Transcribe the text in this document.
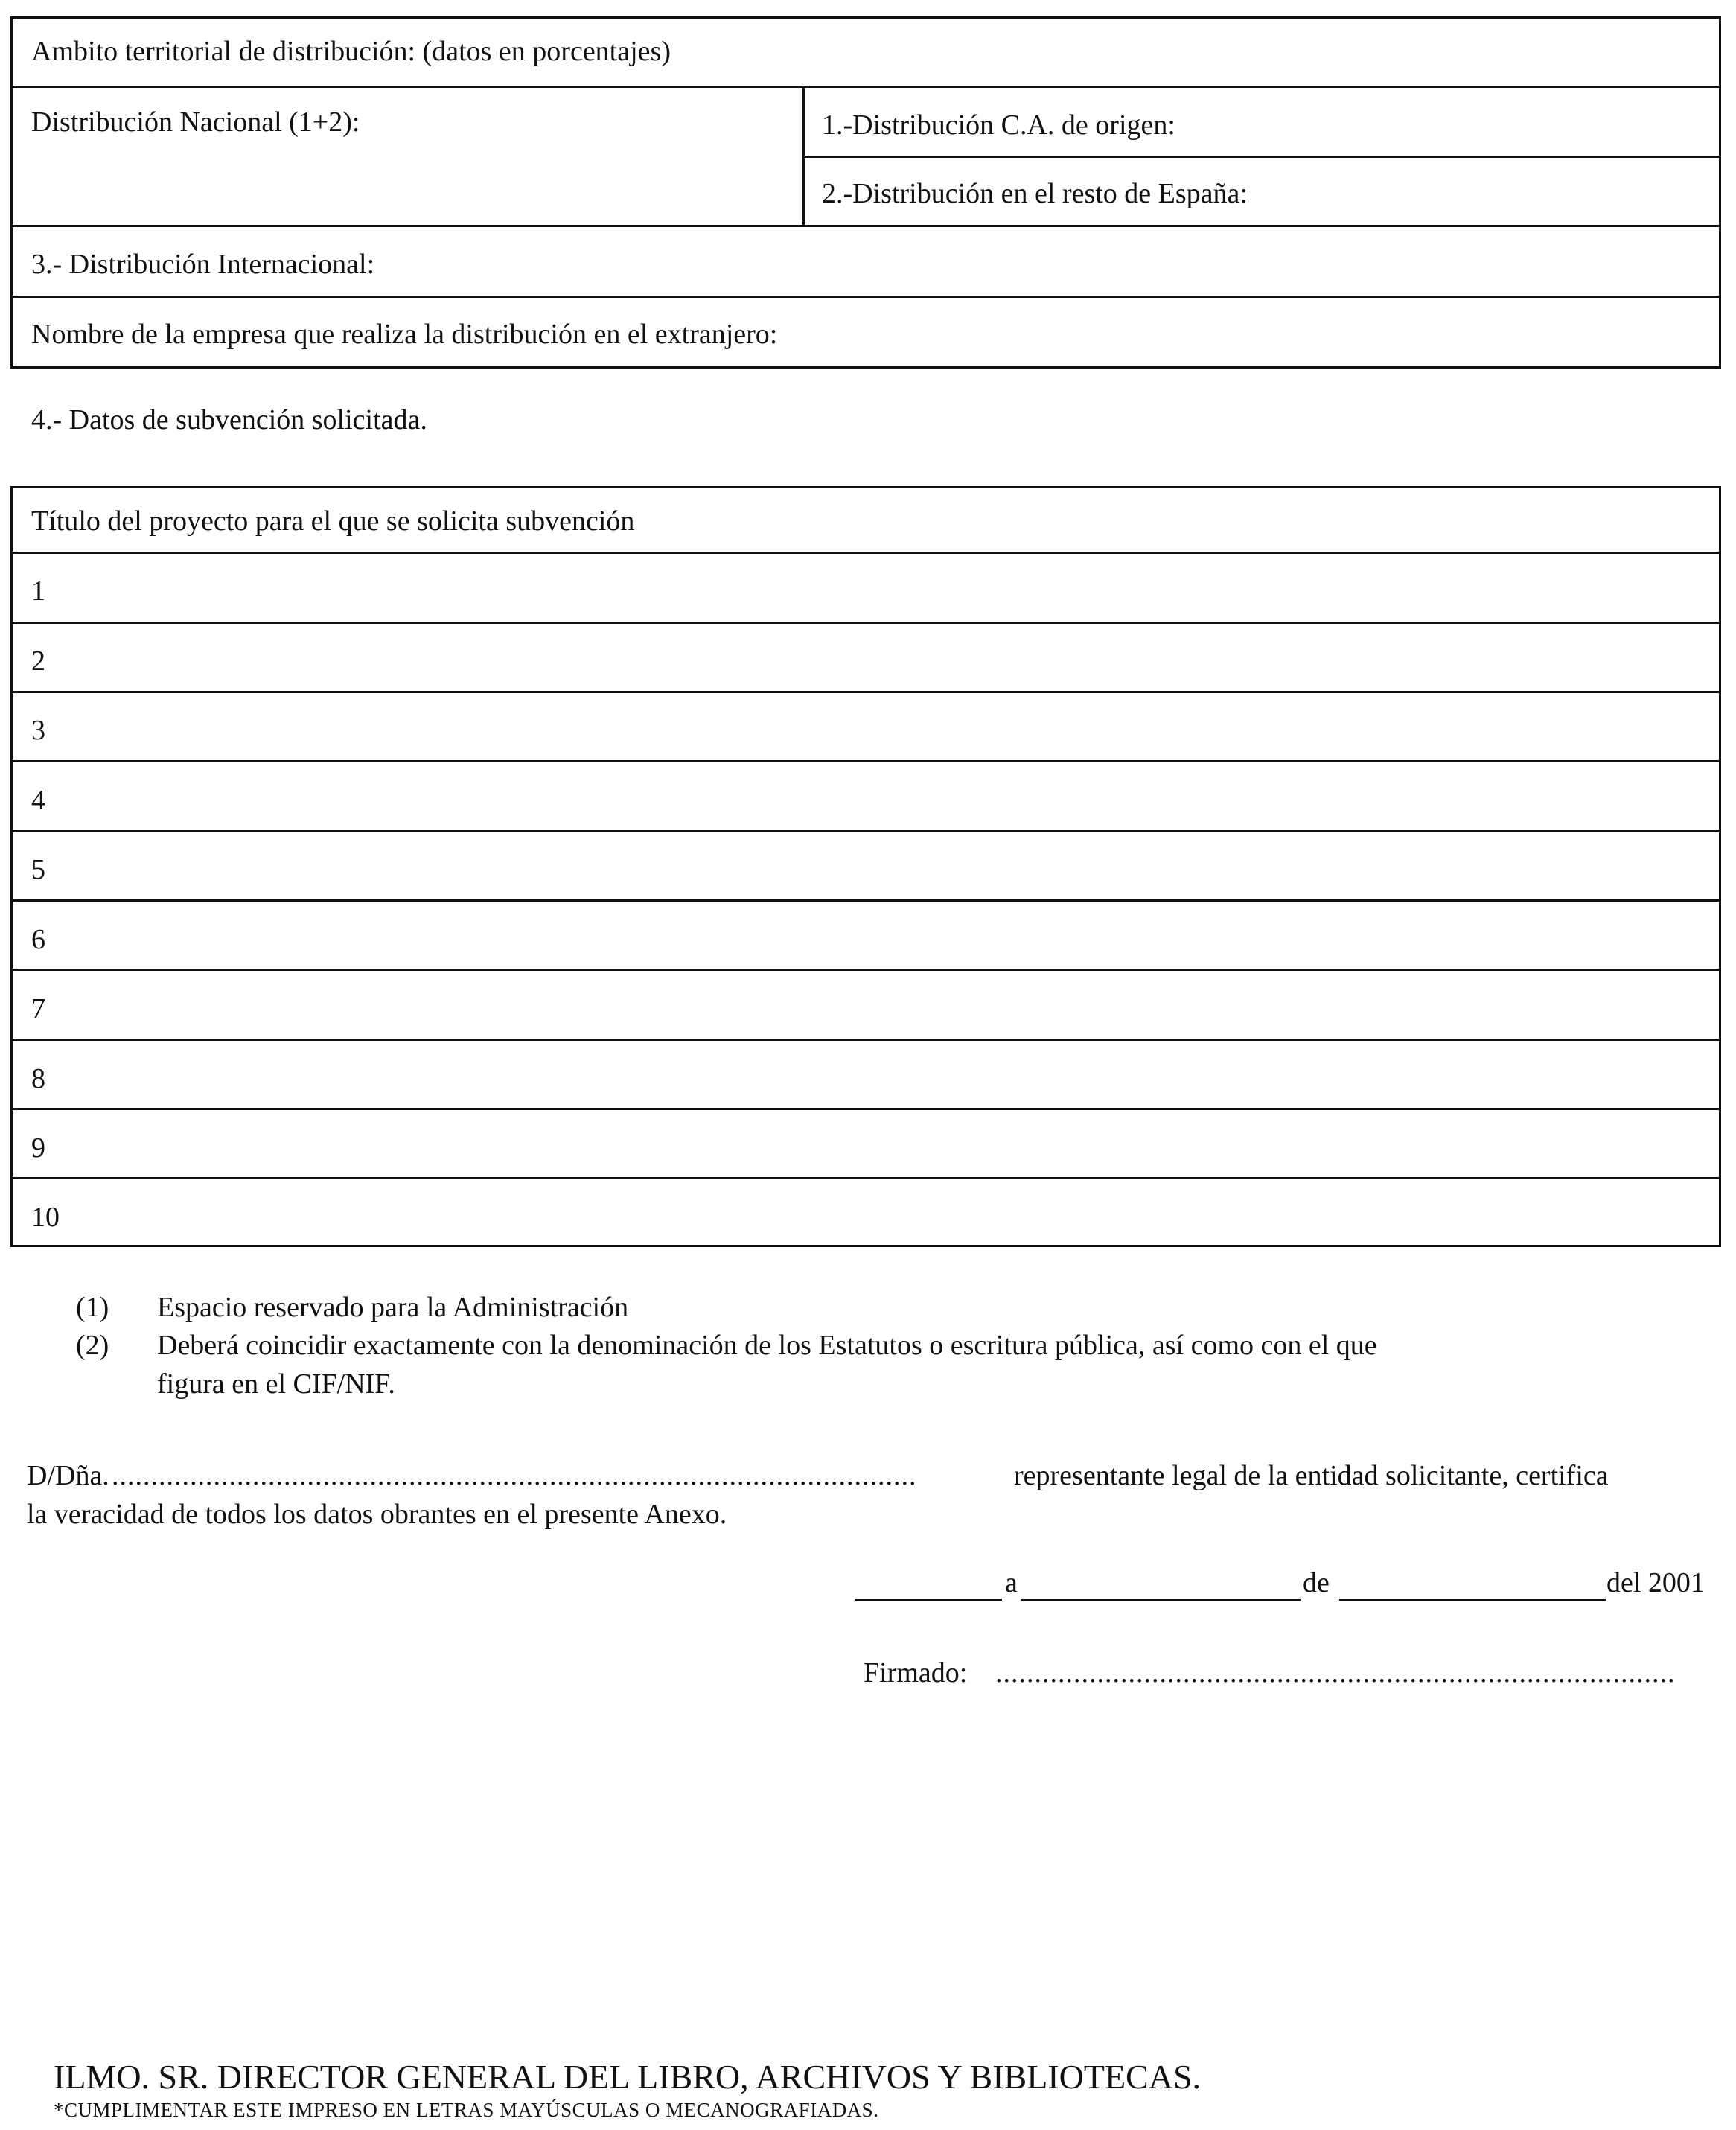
Ambito territorial de distribución: (datos en porcentajes)
Distribución Nacional (1+2):	1.-Distribución C.A. de origen:
2.-Distribución en el resto de España:
3.- Distribución Internacional:
Nombre de la empresa que realiza la distribución en el extranjero:
4.- Datos de subvención solicitada.
Título del proyecto para el que se solicita subvención
1
2
3
4
5
6
7
8
9
10
(1) Espacio reservado para la Administración
(2) Deberá coincidir exactamente con la denominación de los Estatutos o escritura pública, así como con el que
figura en el CIF/NIF.
D/Dña. .......................................................................................................	representante legal de la entidad solicitante, certifica
la veracidad de todos los datos obrantes en el presente Anexo.
a	de	del 2001
Firmado: .......................................................................................
ILMO. SR. DIRECTOR GENERAL DEL LIBRO, ARCHIVOS Y BIBLIOTECAS.
*CUMPLIMENTAR ESTE IMPRESO EN LETRAS MAYÚSCULAS O MECANOGRAFIADAS.
